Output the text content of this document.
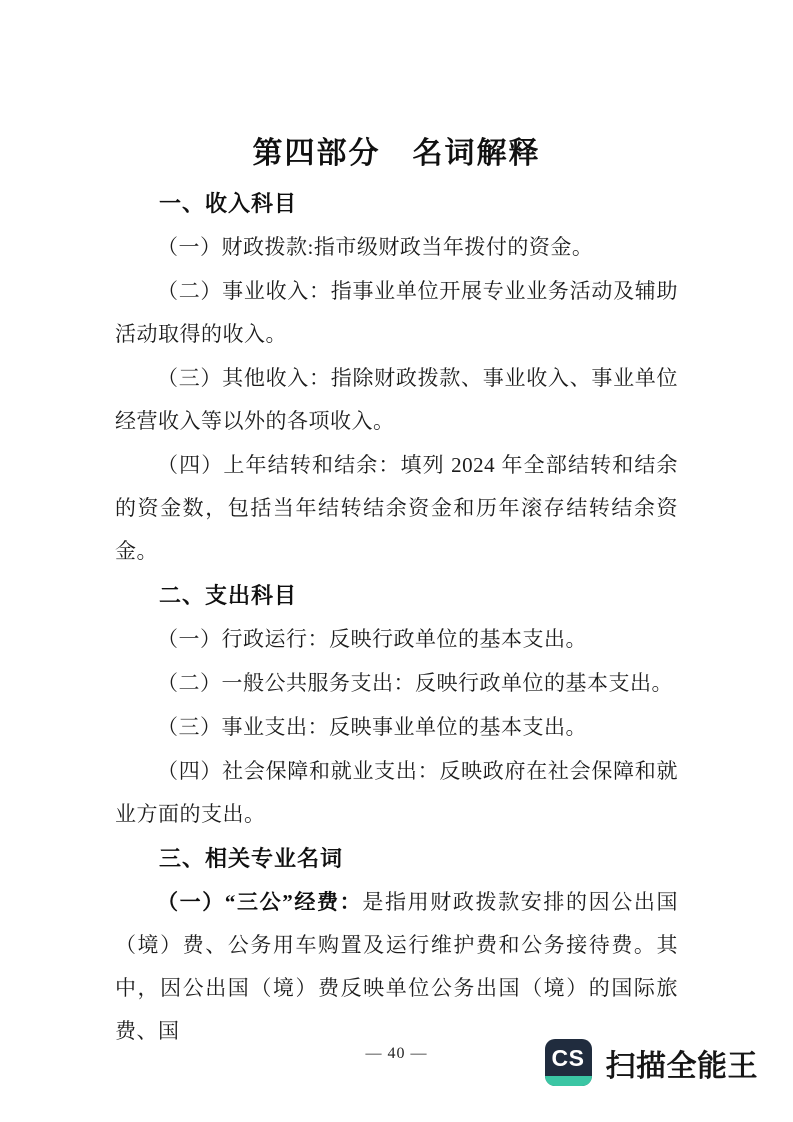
第四部分　名词解释
一、收入科目

（一）财政拨款:指市级财政当年拨付的资金。

（二）事业收入：指事业单位开展专业业务活动及辅助活动取得的收入。

（三）其他收入：指除财政拨款、事业收入、事业单位经营收入等以外的各项收入。

（四）上年结转和结余：填列 2024 年全部结转和结余的资金数，包括当年结转结余资金和历年滚存结转结余资金。

二、支出科目

（一）行政运行：反映行政单位的基本支出。

（二）一般公共服务支出：反映行政单位的基本支出。

（三）事业支出：反映事业单位的基本支出。

（四）社会保障和就业支出：反映政府在社会保障和就业方面的支出。

三、相关专业名词

（一）“三公”经费：是指用财政拨款安排的因公出国（境）费、公务用车购置及运行维护费和公务接待费。其中，因公出国（境）费反映单位公务出国（境）的国际旅费、国

— 40 —	CS 扫描全能王
